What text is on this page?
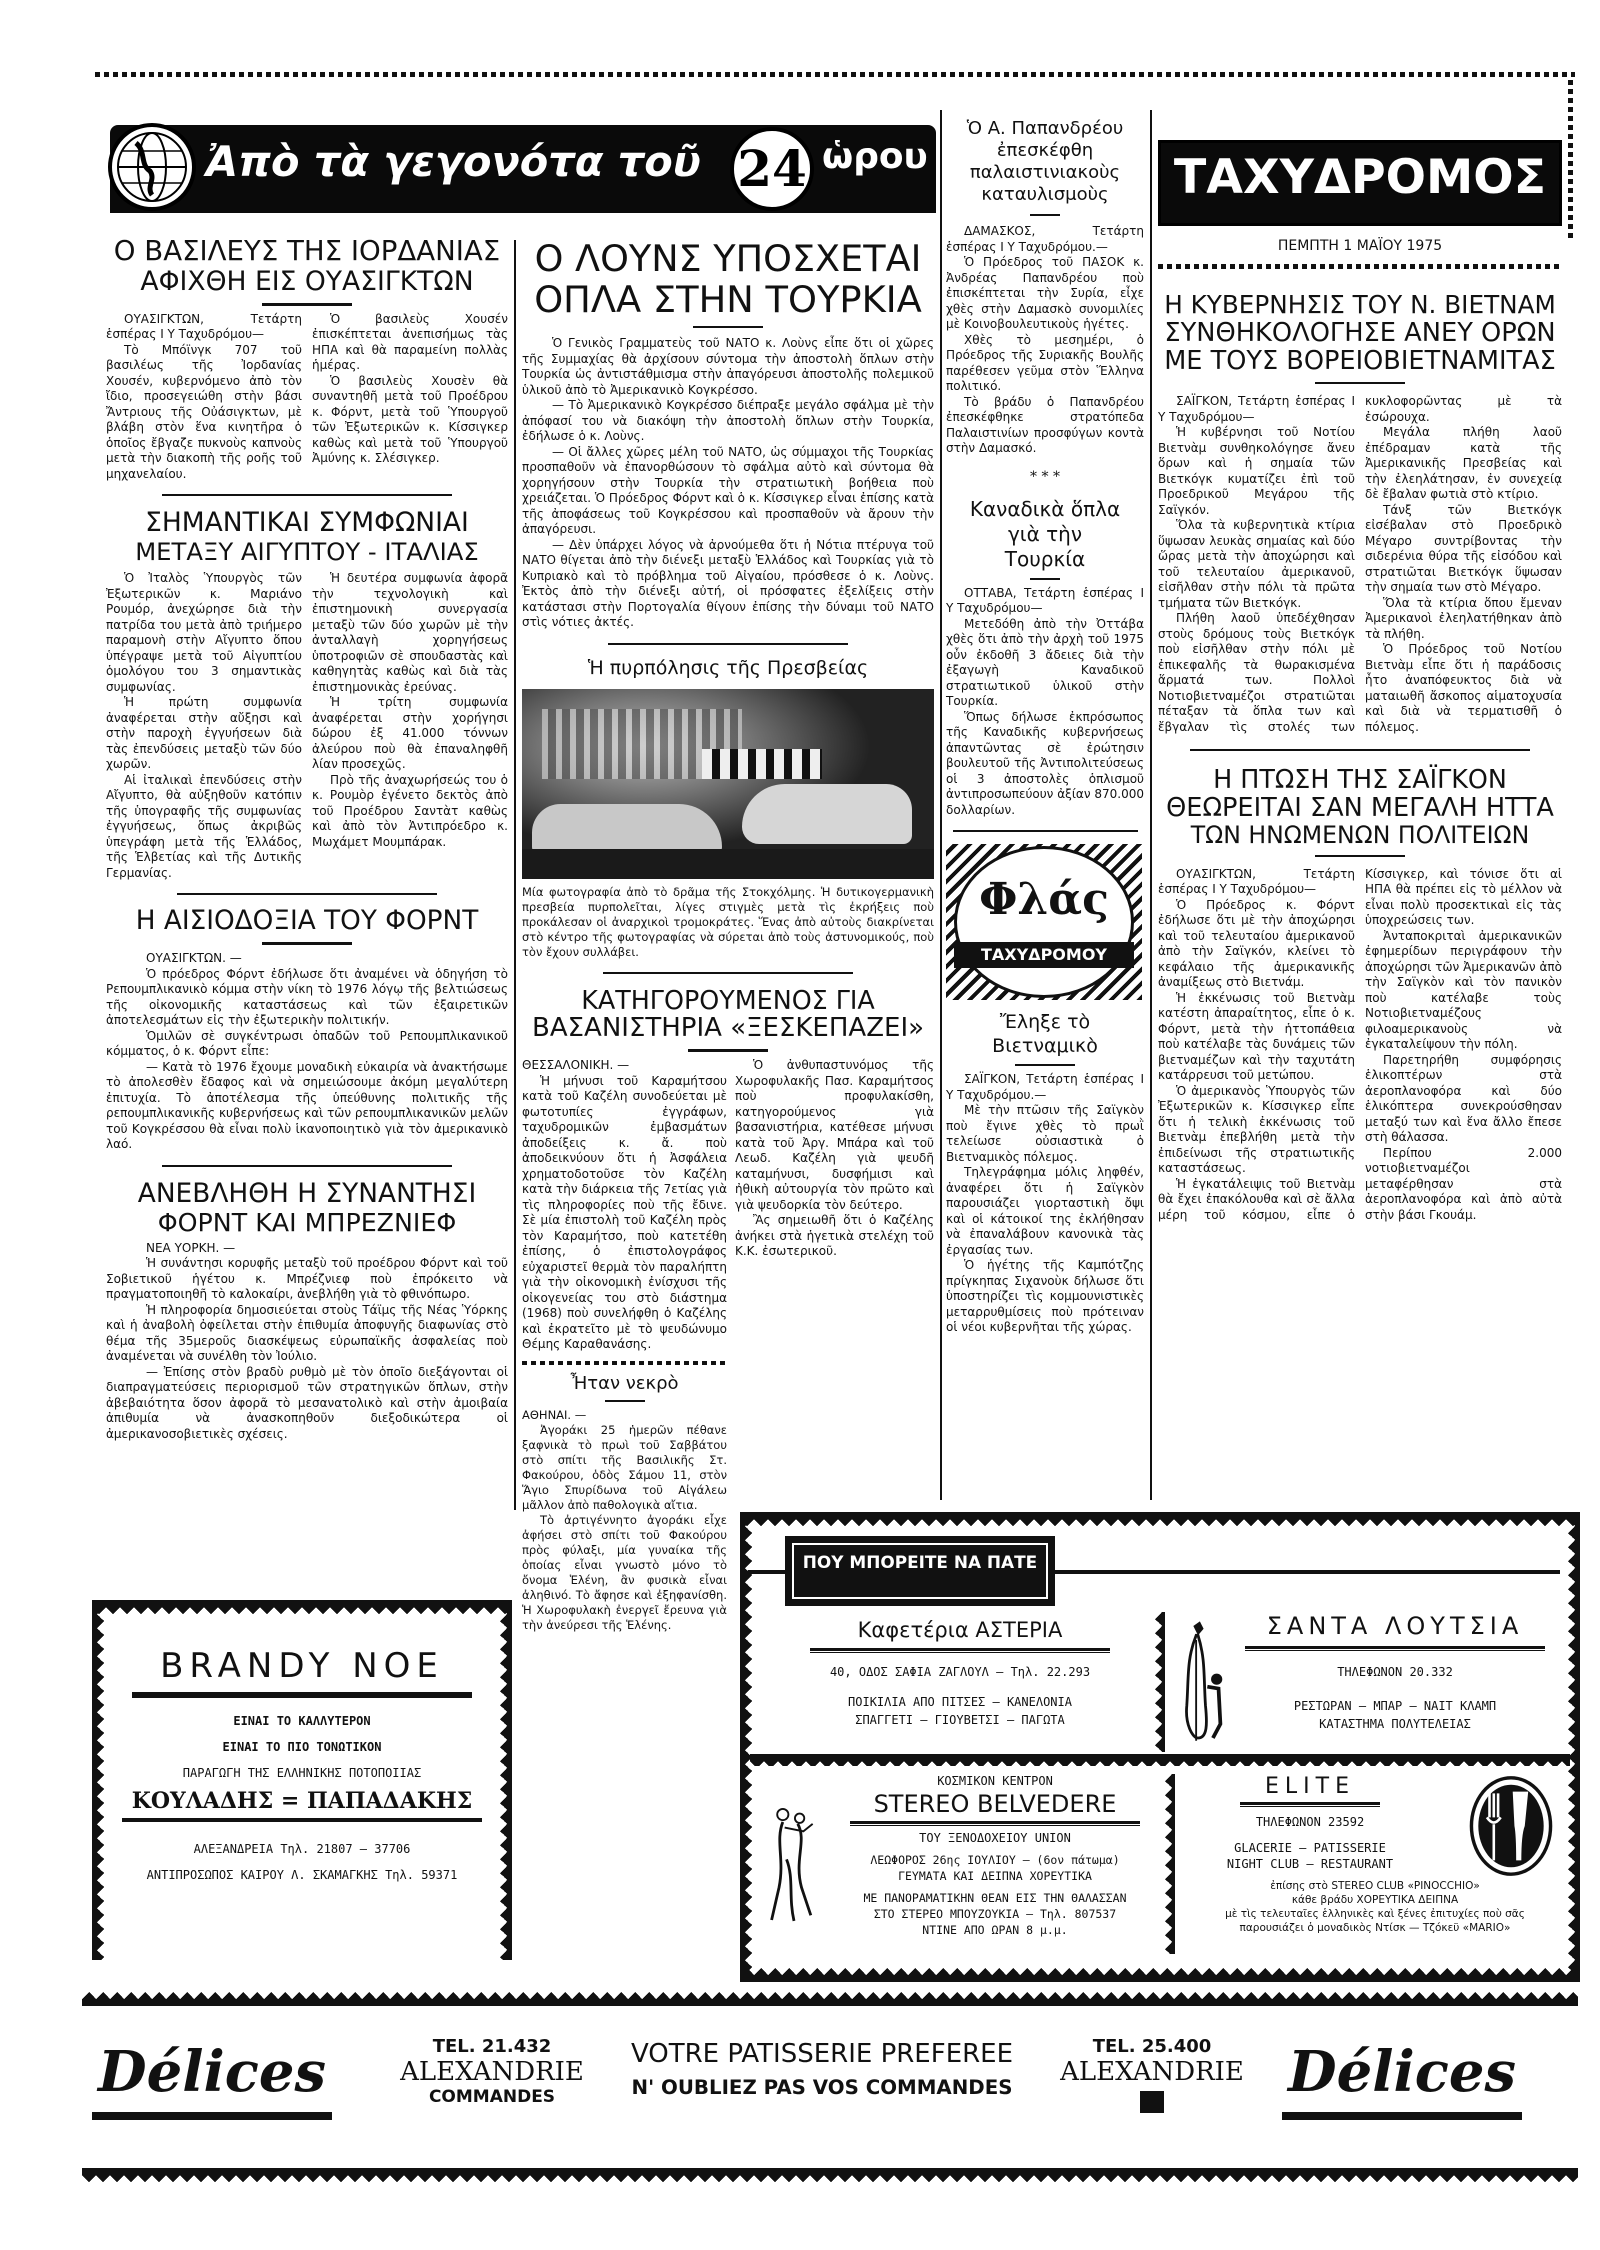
Ἀπὸ τὰ γεγονότα τοῦ 24 ὡρου
Ο ΒΑΣΙΛΕΥΣ ΤΗΣ ΙΟΡΔΑΝΙΑΣ
ΑΦΙΧΘΗ ΕΙΣ ΟΥΑΣΙΓΚΤΩΝ

ΟΥΑΣΙΓΚΤΩΝ, Τετάρτη ἑσπέρας Ι Υ Ταχυδρόμου—

Τὸ Μπόϊνγκ 707 τοῦ βασιλέως τῆς Ἰορδανίας Χουσέν, κυβερνόμενο ἀπὸ τὸν ἴδιο, προσεγειώθη στὴν βάσι Ἄντριους τῆς Οὐάσιγκτων, μὲ βλάβη στὸν ἕνα κινητῆρα ὁ ὁποῖος ἔβγαζε πυκνοὺς καπνοὺς μετὰ τὴν διακοπὴ τῆς ροῆς τοῦ μηχανελαίου.

Ὁ βασιλεὺς Χουσέν ἐπισκέπτεται ἀνεπισήμως τὰς ΗΠΑ καὶ θὰ παραμείνη πολλὰς ἡμέρας.

Ὁ βασιλεὺς Χουσὲν θὰ συναντηθῆ μετὰ τοῦ Προέδρου κ. Φόρντ, μετὰ τοῦ Ὑπουργοῦ τῶν Ἐξωτερικῶν κ. Κίσσιγκερ καθὼς καὶ μετὰ τοῦ Ὑπουργοῦ Ἀμύνης κ. Σλέσιγκερ.

ΣΗΜΑΝΤΙΚΑΙ ΣΥΜΦΩΝΙΑΙ
ΜΕΤΑΞΥ ΑΙΓΥΠΤΟΥ - ΙΤΑΛΙΑΣ

Ὁ Ἰταλὸς Ὑπουργὸς τῶν Ἐξωτερικῶν κ. Μαριάνο Ρουμόρ, ἀνεχώρησε διὰ τὴν πατρίδα του μετὰ ἀπὸ τριήμερο παραμονὴ στὴν Αἴγυπτο ὅπου ὑπέγραψε μετὰ τοῦ Αἰγυπτίου ὁμολόγου του 3 σημαντικὰς συμφωνίας.

Ἡ πρώτη συμφωνία ἀναφέρεται στὴν αὔξησι καὶ στὴν παροχὴ ἐγγυήσεων διὰ τὰς ἐπενδύσεις μεταξὺ τῶν δύο χωρῶν.

Αἱ ἰταλικαὶ ἐπενδύσεις στὴν Αἴγυπτο, θὰ αὐξηθοῦν κατόπιν τῆς ὑπογραφῆς τῆς συμφωνίας ἐγγυήσεως, ὅπως ἀκριβῶς ὑπεγράφη μετὰ τῆς Ἑλλάδος, τῆς Ἑλβετίας καὶ τῆς Δυτικῆς Γερμανίας.

Ἡ δευτέρα συμφωνία ἀφορᾶ τὴν τεχνολογικὴ καὶ ἐπιστημονικὴ συνεργασία μεταξὺ τῶν δύο χωρῶν μὲ τὴν ἀνταλλαγὴ χορηγήσεως ὑποτροφιῶν σὲ σπουδαστὰς καὶ καθηγητὰς καθὼς καὶ διὰ τὰς ἐπιστημονικὰς ἐρεύνας.

Ἡ τρίτη συμφωνία ἀναφέρεται στὴν χορήγησι δώρου ἐξ 41.000 τόννων ἀλεύρου ποὺ θὰ ἐπαναληφθῆ λίαν προσεχῶς.

Πρὸ τῆς ἀναχωρήσεώς του ὁ κ. Ρουμὸρ ἐγένετο δεκτὸς ἀπὸ τοῦ Προέδρου Σαντὰτ καθὼς καὶ ἀπὸ τὸν Ἀντιπρόεδρο κ. Μωχάμετ Μουμπάρακ.

Η ΑΙΣΙΟΔΟΞΙΑ ΤΟΥ ΦΟΡΝΤ
ΟΥΑΣΙΓΚΤΩΝ. —

Ὁ πρόεδρος Φόρντ ἐδήλωσε ὅτι ἀναμένει νὰ ὁδηγήση τὸ Ρεπουμπλικανικὸ κόμμα στὴν νίκη τὸ 1976 λόγῳ τῆς βελτιώσεως τῆς οἰκονομικῆς καταστάσεως καὶ τῶν ἐξαιρετικῶν ἀποτελεσμάτων εἰς τὴν ἐξωτερικὴν πολιτικήν.

Ὁμιλῶν σὲ συγκέντρωσι ὀπαδῶν τοῦ Ρεπουμπλικανικοῦ κόμματος, ὁ κ. Φόρντ εἶπε:

— Κατὰ τὸ 1976 ἔχουμε μοναδικὴ εὐκαιρία νὰ ἀνακτήσωμε τὸ ἀπολεσθὲν ἔδαφος καὶ νὰ σημειώσουμε ἀκόμη μεγαλύτερη ἐπιτυχία. Τὸ ἀποτέλεσμα τῆς ὑπεύθυνης πολιτικῆς τῆς ρεπουμπλικανικῆς κυβερνήσεως καὶ τῶν ρεπουμπλικανικῶν μελῶν τοῦ Κογκρέσσου θὰ εἶναι πολὺ ἱκανοποιητικὸ γιὰ τὸν ἀμερικανικὸ λαό.

ΑΝΕΒΛΗΘΗ Η ΣΥΝΑΝΤΗΣΙ
ΦΟΡΝΤ ΚΑΙ ΜΠΡΕΖΝΙΕΦ
ΝΕΑ ΥΟΡΚΗ. —

Ἡ συνάντησι κορυφῆς μεταξὺ τοῦ προέδρου Φόρντ καὶ τοῦ Σοβιετικοῦ ἡγέτου κ. Μπρέζνιεφ ποὺ ἐπρόκειτο νὰ πραγματοποιηθῆ τὸ καλοκαίρι, ἀνεβλήθη γιὰ τὸ φθινόπωρο.

Ἡ πληροφορία δημοσιεύεται στοὺς Τάϊμς τῆς Νέας Ὑόρκης καὶ ἡ ἀναβολὴ ὀφείλεται στὴν ἐπιθυμία ἀποφυγῆς διαφωνίας στὸ θέμα τῆς 35μεροῦς διασκέψεως εὐρωπαϊκῆς ἀσφαλείας ποὺ ἀναμένεται νὰ συνέλθη τὸν Ἰούλιο.

— Ἐπίσης στὸν βραδὺ ρυθμὸ μὲ τὸν ὁποῖο διεξάγονται οἱ διαπραγματεύσεις περιορισμοῦ τῶν στρατηγικῶν ὅπλων, στὴν ἀβεβαιότητα ὅσον ἀφορᾶ τὸ μεσανατολικὸ καὶ στὴν ἀμοιβαία ἀπιθυμία νὰ ἀνασκοπηθοῦν διεξοδικώτερα οἱ ἀμερικανοσοβιετικὲς σχέσεις.

BRANDY NOE
ΕΙΝΑΙ ΤΟ ΚΑΛΛΥΤΕΡΟΝ
ΕΙΝΑΙ ΤΟ ΠΙΟ ΤΟΝΩΤΙΚΟΝ
ΠΑΡΑΓΩΓΗ ΤΗΣ ΕΛΛΗΝΙΚΗΣ ΠΟΤΟΠΟΙΙΑΣ
ΚΟΥΛΑΔΗΣ = ΠΑΠΑΔΑΚΗΣ
ΑΛΕΞΑΝΔΡΕΙΑ Τηλ. 21807 — 37706
ΑΝΤΙΠΡΟΣΩΠΟΣ ΚΑΙΡΟΥ Λ. ΣΚΑΜΑΓΚΗΣ Τηλ. 59371
Ο ΛΟΥΝΣ ΥΠΟΣΧΕΤΑΙ
ΟΠΛΑ ΣΤΗΝ ΤΟΥΡΚΙΑ

Ὁ Γενικὸς Γραμματεὺς τοῦ ΝΑΤΟ κ. Λοὺνς εἶπε ὅτι οἱ χῶρες τῆς Συμμαχίας θὰ ἀρχίσουν σύντομα τὴν ἀποστολὴ ὅπλων στὴν Τουρκία ὡς ἀντιστάθμισμα στὴν ἀπαγόρευσι ἀποστολῆς πολεμικοῦ ὑλικοῦ ἀπὸ τὸ Ἀμερικανικὸ Κογκρέσσο.

— Τὸ Ἀμερικανικὸ Κογκρέσσο διέπραξε μεγάλο σφάλμα μὲ τὴν ἀπόφασί του νὰ διακόψη τὴν ἀποστολὴ ὅπλων στὴν Τουρκία, ἐδήλωσε ὁ κ. Λοὺνς.

— Οἱ ἄλλες χῶρες μέλη τοῦ ΝΑΤΟ, ὡς σύμμαχοι τῆς Τουρκίας προσπαθοῦν νὰ ἐπανορθώσουν τὸ σφάλμα αὐτὸ καὶ σύντομα θὰ χορηγήσουν στὴν Τουρκία τὴν στρατιωτικὴ βοήθεια ποὺ χρειάζεται. Ὁ Πρόεδρος Φόρντ καὶ ὁ κ. Κίσσιγκερ εἶναι ἐπίσης κατὰ τῆς ἀποφάσεως τοῦ Κογκρέσσου καὶ προσπαθοῦν νὰ ἄρουν τὴν ἀπαγόρευσι.

— Δὲν ὑπάρχει λόγος νὰ ἀρνούμεθα ὅτι ἡ Νότια πτέρυγα τοῦ ΝΑΤΟ θίγεται ἀπὸ τὴν διένεξι μεταξὺ Ἑλλάδος καὶ Τουρκίας γιὰ τὸ Κυπριακὸ καὶ τὸ πρόβλημα τοῦ Αἰγαίου, πρόσθεσε ὁ κ. Λοὺνς. Ἐκτὸς ἀπὸ τὴν διένεξι αὐτή, οἱ πρόσφατες ἐξελίξεις στὴν κατάστασι στὴν Πορτογαλία θίγουν ἐπίσης τὴν δύναμι τοῦ ΝΑΤΟ στὶς νότιες ἀκτές.

Ἡ πυρπόλησις τῆς Πρεσβείας
Μία φωτογραφία ἀπὸ τὸ δρᾶμα τῆς Στοκχόλμης. Ἡ δυτικογερμανικὴ πρεσβεία πυρπολεῖται, λίγες στιγμὲς μετὰ τὶς ἐκρήξεις ποὺ προκάλεσαν οἱ ἀναρχικοὶ τρομοκράτες. Ἕνας ἀπὸ αὐτοὺς διακρίνεται στὸ κέντρο τῆς φωτογραφίας νὰ σύρεται ἀπὸ τοὺς ἀστυνομικούς, ποὺ τὸν ἔχουν συλλάβει.
ΚΑΤΗΓΟΡΟΥΜΕΝΟΣ ΓΙΑ
ΒΑΣΑΝΙΣΤΗΡΙΑ «ΞΕΣΚΕΠΑΖΕΙ»
ΘΕΣΣΑΛΟΝΙΚΗ. —

Ἡ μήνυσι τοῦ Καραμήτσου κατὰ τοῦ Καζέλη συνοδεύεται μὲ φωτοτυπίες ἐγγράφων, ταχυδρομικῶν ἐμβασμάτων ἀποδείξεις κ. ἄ. ποὺ ἀποδεικνύουν ὅτι ἡ Ἀσφάλεια χρηματοδοτοῦσε τὸν Καζέλη κατὰ τὴν διάρκεια τῆς 7ετίας γιὰ τὶς πληροφορίες ποὺ τῆς ἔδινε. Σὲ μία ἐπιστολὴ τοῦ Καζέλη πρὸς τὸν Καραμήτσο, ποὺ κατετέθη ἐπίσης, ὁ ἐπιστολογράφος εὐχαριστεῖ θερμὰ τὸν παραλήπτη γιὰ τὴν οἰκονομικὴ ἐνίσχυσι τῆς οἰκογενείας του στὸ διάστημα (1968) ποὺ συνελήφθη ὁ Καζέλης καὶ ἐκρατεῖτο μὲ τὸ ψευδώνυμο Θέμης Καραθανάσης.

Ἦταν νεκρὸ
ΑΘΗΝΑΙ. —

Ἀγοράκι 25 ἡμερῶν πέθανε ξαφνικὰ τὸ πρωὶ τοῦ Σαββάτου στὸ σπίτι τῆς Βασιλικῆς Στ. Φακούρου, ὁδὸς Σάμου 11, στὸν Ἅγιο Σπυρίδωνα τοῦ Αἰγάλεω μᾶλλον ἀπὸ παθολογικὰ αἴτια.

Τὸ ἀρτιγέννητο ἀγοράκι εἶχε ἀφήσει στὸ σπίτι τοῦ Φακούρου πρὸς φύλαξι, μία γυναίκα τῆς ὁποίας εἶναι γνωστὸ μόνο τὸ ὄνομα Ἑλένη, ἂν φυσικὰ εἶναι ἀληθινό. Τὸ ἄφησε καὶ ἐξηφανίσθη. Ἡ Χωροφυλακὴ ἐνεργεῖ ἔρευνα γιὰ τὴν ἀνεύρεσι τῆς Ἑλένης.

Ὁ ἀνθυπαστυνόμος τῆς Χωροφυλακῆς Πασ. Καραμήτσος ποὺ προφυλακίσθη, κατηγορούμενος γιὰ βασανιστήρια, κατέθεσε μήνυσι κατὰ τοῦ Ἀργ. Μπάρα καὶ τοῦ Λεωδ. Καζέλη γιὰ ψευδῆ καταμήνυσι, δυσφήμισι καὶ ἠθικὴ αὐτουργία τὸν πρῶτο καὶ γιὰ ψευδορκία τὸν δεύτερο.

Ἂς σημειωθῆ ὅτι ὁ Καζέλης ἀνήκει στὰ ἡγετικὰ στελέχη τοῦ Κ.Κ. ἐσωτερικοῦ.

Ὁ Α. Παπανδρέου ἐπεσκέφθη παλαιστινιακοὺς καταυλισμοὺς

ΔΑΜΑΣΚΟΣ, Τετάρτη ἑσπέρας Ι Υ Ταχυδρόμου.—

Ὁ Πρόεδρος τοῦ ΠΑΣΟΚ κ. Ἀνδρέας Παπανδρέου ποὺ ἐπισκέπτεται τὴν Συρία, εἶχε χθὲς στὴν Δαμασκὸ συνομιλίες μὲ Κοινοβουλευτικοὺς ἡγέτες.

Χθὲς τὸ μεσημέρι, ὁ Πρόεδρος τῆς Συριακῆς Βουλῆς παρέθεσεν γεῦμα στὸν Ἕλληνα πολιτικό.

Τὸ βράδυ ὁ Παπανδρέου ἐπεσκέφθηκε στρατόπεδα Παλαιστινίων προσφύγων κοντὰ στὴν Δαμασκό.

* * *
Καναδικὰ ὅπλα γιὰ τὴν Τουρκία

ΟΤΤΑΒΑ, Τετάρτη ἑσπέρας Ι Υ Ταχυδρόμου—

Μετεδόθη ἀπὸ τὴν Ὀττάβα χθὲς ὅτι ἀπὸ τὴν ἀρχὴ τοῦ 1975 οὖν ἐκδοθῆ 3 ἄδειες διὰ τὴν ἐξαγωγὴ Καναδικοῦ στρατιωτικοῦ ὑλικοῦ στὴν Τουρκία.

Ὅπως δήλωσε ἐκπρόσωπος τῆς Καναδικῆς κυβερνήσεως ἀπαντῶντας σὲ ἐρώτησιν βουλευτοῦ τῆς Ἀντιπολιτεύσεως οἱ 3 ἀποστολὲς ὁπλισμοῦ ἀντιπροσωπεύουν ἀξίαν 870.000 δολλαρίων.

Φλάς
ΤΑΧΥΔΡΟΜΟΥ
Ἔληξε τὸ Βιετναμικὸ

ΣΑΪΓΚΟΝ, Τετάρτη ἑσπέρας Ι Υ Ταχυδρόμου.—

Μὲ τὴν πτῶσιν τῆς Σαϊγκὸν ποὺ ἔγινε χθὲς τὸ πρωῒ τελείωσε οὐσιαστικὰ ὁ Βιετναμικὸς πόλεμος.

Τηλεγράφημα μόλις ληφθέν, ἀναφέρει ὅτι ἡ Σαϊγκὸν παρουσιάζει γιορταστικὴ ὄψι καὶ οἱ κάτοικοί της ἐκλήθησαν νὰ ἐπαναλάβουν κανονικὰ τὰς ἐργασίας των.

Ὁ ἡγέτης τῆς Καμπότζης πρίγκηπας Σιχανοὺκ δήλωσε ὅτι ὑποστηρίζει τὶς κομμουνιστικὲς μεταρρυθμίσεις ποὺ πρότειναν οἱ νέοι κυβερνῆται τῆς χώρας.

ΤΑΧΥΔΡΟΜΟΣ
ΠΕΜΠΤΗ 1 ΜΑΪΟΥ 1975
Η ΚΥΒΕΡΝΗΣΙΣ ΤΟΥ Ν. ΒΙΕΤΝΑΜ
ΣΥΝΘΗΚΟΛΟΓΗΣΕ ΑΝΕΥ ΟΡΩΝ
ΜΕ ΤΟΥΣ ΒΟΡΕΙΟΒΙΕΤΝΑΜΙΤΑΣ

ΣΑΪΓΚΟΝ, Τετάρτη ἑσπέρας Ι Υ Ταχυδρόμου—

Ἡ κυβέρνησι τοῦ Νοτίου Βιετνὰμ συνθηκολόγησε ἄνευ ὅρων καὶ ἡ σημαία τῶν Βιετκόγκ κυματίζει ἐπὶ τοῦ Προεδρικοῦ Μεγάρου τῆς Σαϊγκόν.

Ὅλα τὰ κυβερνητικὰ κτίρια ὕψωσαν λευκὰς σημαίας καὶ δύο ὥρας μετὰ τὴν ἀποχώρησι καὶ τοῦ τελευταίου ἀμερικανοῦ, εἰσῆλθαν στὴν πόλι τὰ πρῶτα τμήματα τῶν Βιετκόγκ.

Πλήθη λαοῦ ὑπεδέχθησαν στοὺς δρόμους τοὺς Βιετκόγκ ποὺ εἰσῆλθαν στὴν πόλι μὲ ἐπικεφαλῆς τὰ θωρακισμένα ἅρματά των. Πολλοὶ Νοτιοβιετναμέζοι στρατιῶται πέταξαν τὰ ὅπλα των καὶ ἔβγαλαν τὶς στολές των κυκλοφορῶντας μὲ τὰ ἐσώρουχα.

Μεγάλα πλήθη λαοῦ ἐπέδραμαν κατὰ τῆς Ἀμερικανικῆς Πρεσβείας καὶ τὴν ἐλεηλάτησαν, ἐν συνεχείᾳ δὲ ἔβαλαν φωτιὰ στὸ κτίριο.

Τάνξ τῶν Βιετκόγκ εἰσέβαλαν στὸ Προεδρικὸ Μέγαρο συντρίβοντας τὴν σιδερένια θύρα τῆς εἰσόδου καὶ στρατιῶται Βιετκόγκ ὕψωσαν τὴν σημαία των στὸ Μέγαρο.

Ὅλα τὰ κτίρια ὅπου ἔμεναν Ἀμερικανοὶ ἐλεηλατήθηκαν ἀπὸ τὰ πλήθη.

Ὁ Πρόεδρος τοῦ Νοτίου Βιετνὰμ εἶπε ὅτι ἡ παράδοσις ἦτο ἀναπόφευκτος διὰ νὰ ματαιωθῆ ἄσκοπος αἱματοχυσία καὶ διὰ νὰ τερματισθῆ ὁ πόλεμος.

Η ΠΤΩΣΗ ΤΗΣ ΣΑΪΓΚΟΝ
ΘΕΩΡΕΙΤΑΙ ΣΑΝ ΜΕΓΑΛΗ ΗΤΤΑ
ΤΩΝ ΗΝΩΜΕΝΩΝ ΠΟΛΙΤΕΙΩΝ

ΟΥΑΣΙΓΚΤΩΝ, Τετάρτη ἑσπέρας Ι Υ Ταχυδρόμου—

Ὁ Πρόεδρος κ. Φόρντ ἐδήλωσε ὅτι μὲ τὴν ἀποχώρησι καὶ τοῦ τελευταίου ἀμερικανοῦ ἀπὸ τὴν Σαϊγκόν, κλείνει τὸ κεφάλαιο τῆς ἀμερικανικῆς ἀναμίξεως στὸ Βιετνάμ.

Ἡ ἐκκένωσις τοῦ Βιετνὰμ κατέστη ἀπαραίτητος, εἶπε ὁ κ. Φόρντ, μετὰ τὴν ἡττοπάθεια ποὺ κατέλαβε τὰς δυνάμεις τῶν βιετναμέζων καὶ τὴν ταχυτάτη κατάρρευσι τοῦ μετώπου.

Ὁ ἀμερικανὸς Ὑπουργὸς τῶν Ἐξωτερικῶν κ. Κίσσιγκερ εἶπε ὅτι ἡ τελικὴ ἐκκένωσις τοῦ Βιετνὰμ ἐπεβλήθη μετὰ τὴν ἐπιδείνωσι τῆς στρατιωτικῆς καταστάσεως.

Ἡ ἐγκατάλειψις τοῦ Βιετνὰμ θὰ ἔχει ἐπακόλουθα καὶ σὲ ἄλλα μέρη τοῦ κόσμου, εἶπε ὁ Κίσσιγκερ, καὶ τόνισε ὅτι αἱ ΗΠΑ θὰ πρέπει εἰς τὸ μέλλον νὰ εἶναι πολὺ προσεκτικαὶ εἰς τὰς ὑποχρεώσεις των.

Ἀνταποκριταὶ ἀμερικανικῶν ἐφημερίδων περιγράφουν τὴν ἀποχώρησι τῶν Ἀμερικανῶν ἀπὸ τὴν Σαϊγκὸν καὶ τὸν πανικὸν ποὺ κατέλαβε τοὺς Νοτιοβιετναμέζους φιλοαμερικανοὺς νὰ ἐγκαταλείψουν τὴν πόλη.

Παρετηρήθη συμφόρησις ἑλικοπτέρων στὰ ἀεροπλανοφόρα καὶ δύο ἑλικόπτερα συνεκρούσθησαν μεταξύ των καὶ ἕνα ἄλλο ἔπεσε στὴ θάλασσα.

Περίπου 2.000 νοτιοβιετναμέζοι μεταφέρθησαν στὰ ἀεροπλανοφόρα καὶ ἀπὸ αὐτὰ στὴν βάσι Γκουάμ.

ΠΟΥ ΜΠΟΡΕΙΤΕ ΝΑ ΠΑΤΕ
Καφετέρια ΑΣΤΕΡΙΑ
40, ΟΔΟΣ ΣΑΦΙΑ ΖΑΓΛΟΥΛ — Τηλ. 22.293
ΠΟΙΚΙΛΙΑ ΑΠΟ ΠΙΤΣΕΣ — ΚΑΝΕΛΟΝΙΑ
ΣΠΑΓΓΕΤΙ — ΓΙΟΥΒΕΤΣΙ — ΠΑΓΩΤΑ
ΣΑΝΤΑ ΛΟΥΤΣΙΑ
ΤΗΛΕΦΩΝΟΝ 20.332
ΡΕΣΤΩΡΑΝ — ΜΠΑΡ — ΝΑΙΤ ΚΛΑΜΠ
ΚΑΤΑΣΤΗΜΑ ΠΟΛΥΤΕΛΕΙΑΣ
ΚΟΣΜΙΚΟΝ ΚΕΝΤΡΟΝ
STEREO BELVEDERE
ΤΟΥ ΞΕΝΟΔΟΧΕΙΟΥ UNION
ΛΕΩΦΟΡΟΣ 26ης ΙΟΥΛΙΟΥ — (6ον πάτωμα)
ΓΕΥΜΑΤΑ ΚΑΙ ΔΕΙΠΝΑ ΧΟΡΕΥΤΙΚΑ
ΜΕ ΠΑΝΟΡΑΜΑΤΙΚΗΝ ΘΕΑΝ ΕΙΣ ΤΗΝ ΘΑΛΑΣΣΑΝ
ΣΤΟ ΣΤΕΡΕΟ ΜΠΟΥΖΟΥΚΙΑ — Τηλ. 807537
ΝΤΙΝΕ ΑΠΟ ΩΡΑΝ 8 μ.μ.
ELITE
ΤΗΛΕΦΩΝΟΝ 23592
GLACERIE — PATISSERIE
NIGHT CLUB — RESTAURANT
ἐπίσης στὸ STEREO CLUB «PINOCCHIO»
κάθε βράδυ ΧΟΡΕΥΤΙΚΑ ΔΕΙΠΝΑ
μὲ τὶς τελευταῖες ἑλληνικὲς καὶ ξένες ἐπιτυχίες ποὺ σᾶς
παρουσιάζει ὁ μοναδικὸς Ντίσκ — Τζόκεϋ «MARIO»
Délices	TEL. 21.432
ALEXANDRIE
COMMANDES
VOTRE PATISSERIE PREFEREE
N' OUBLIEZ PAS VOS COMMANDES
TEL. 25.400
ALEXANDRIE Délices
